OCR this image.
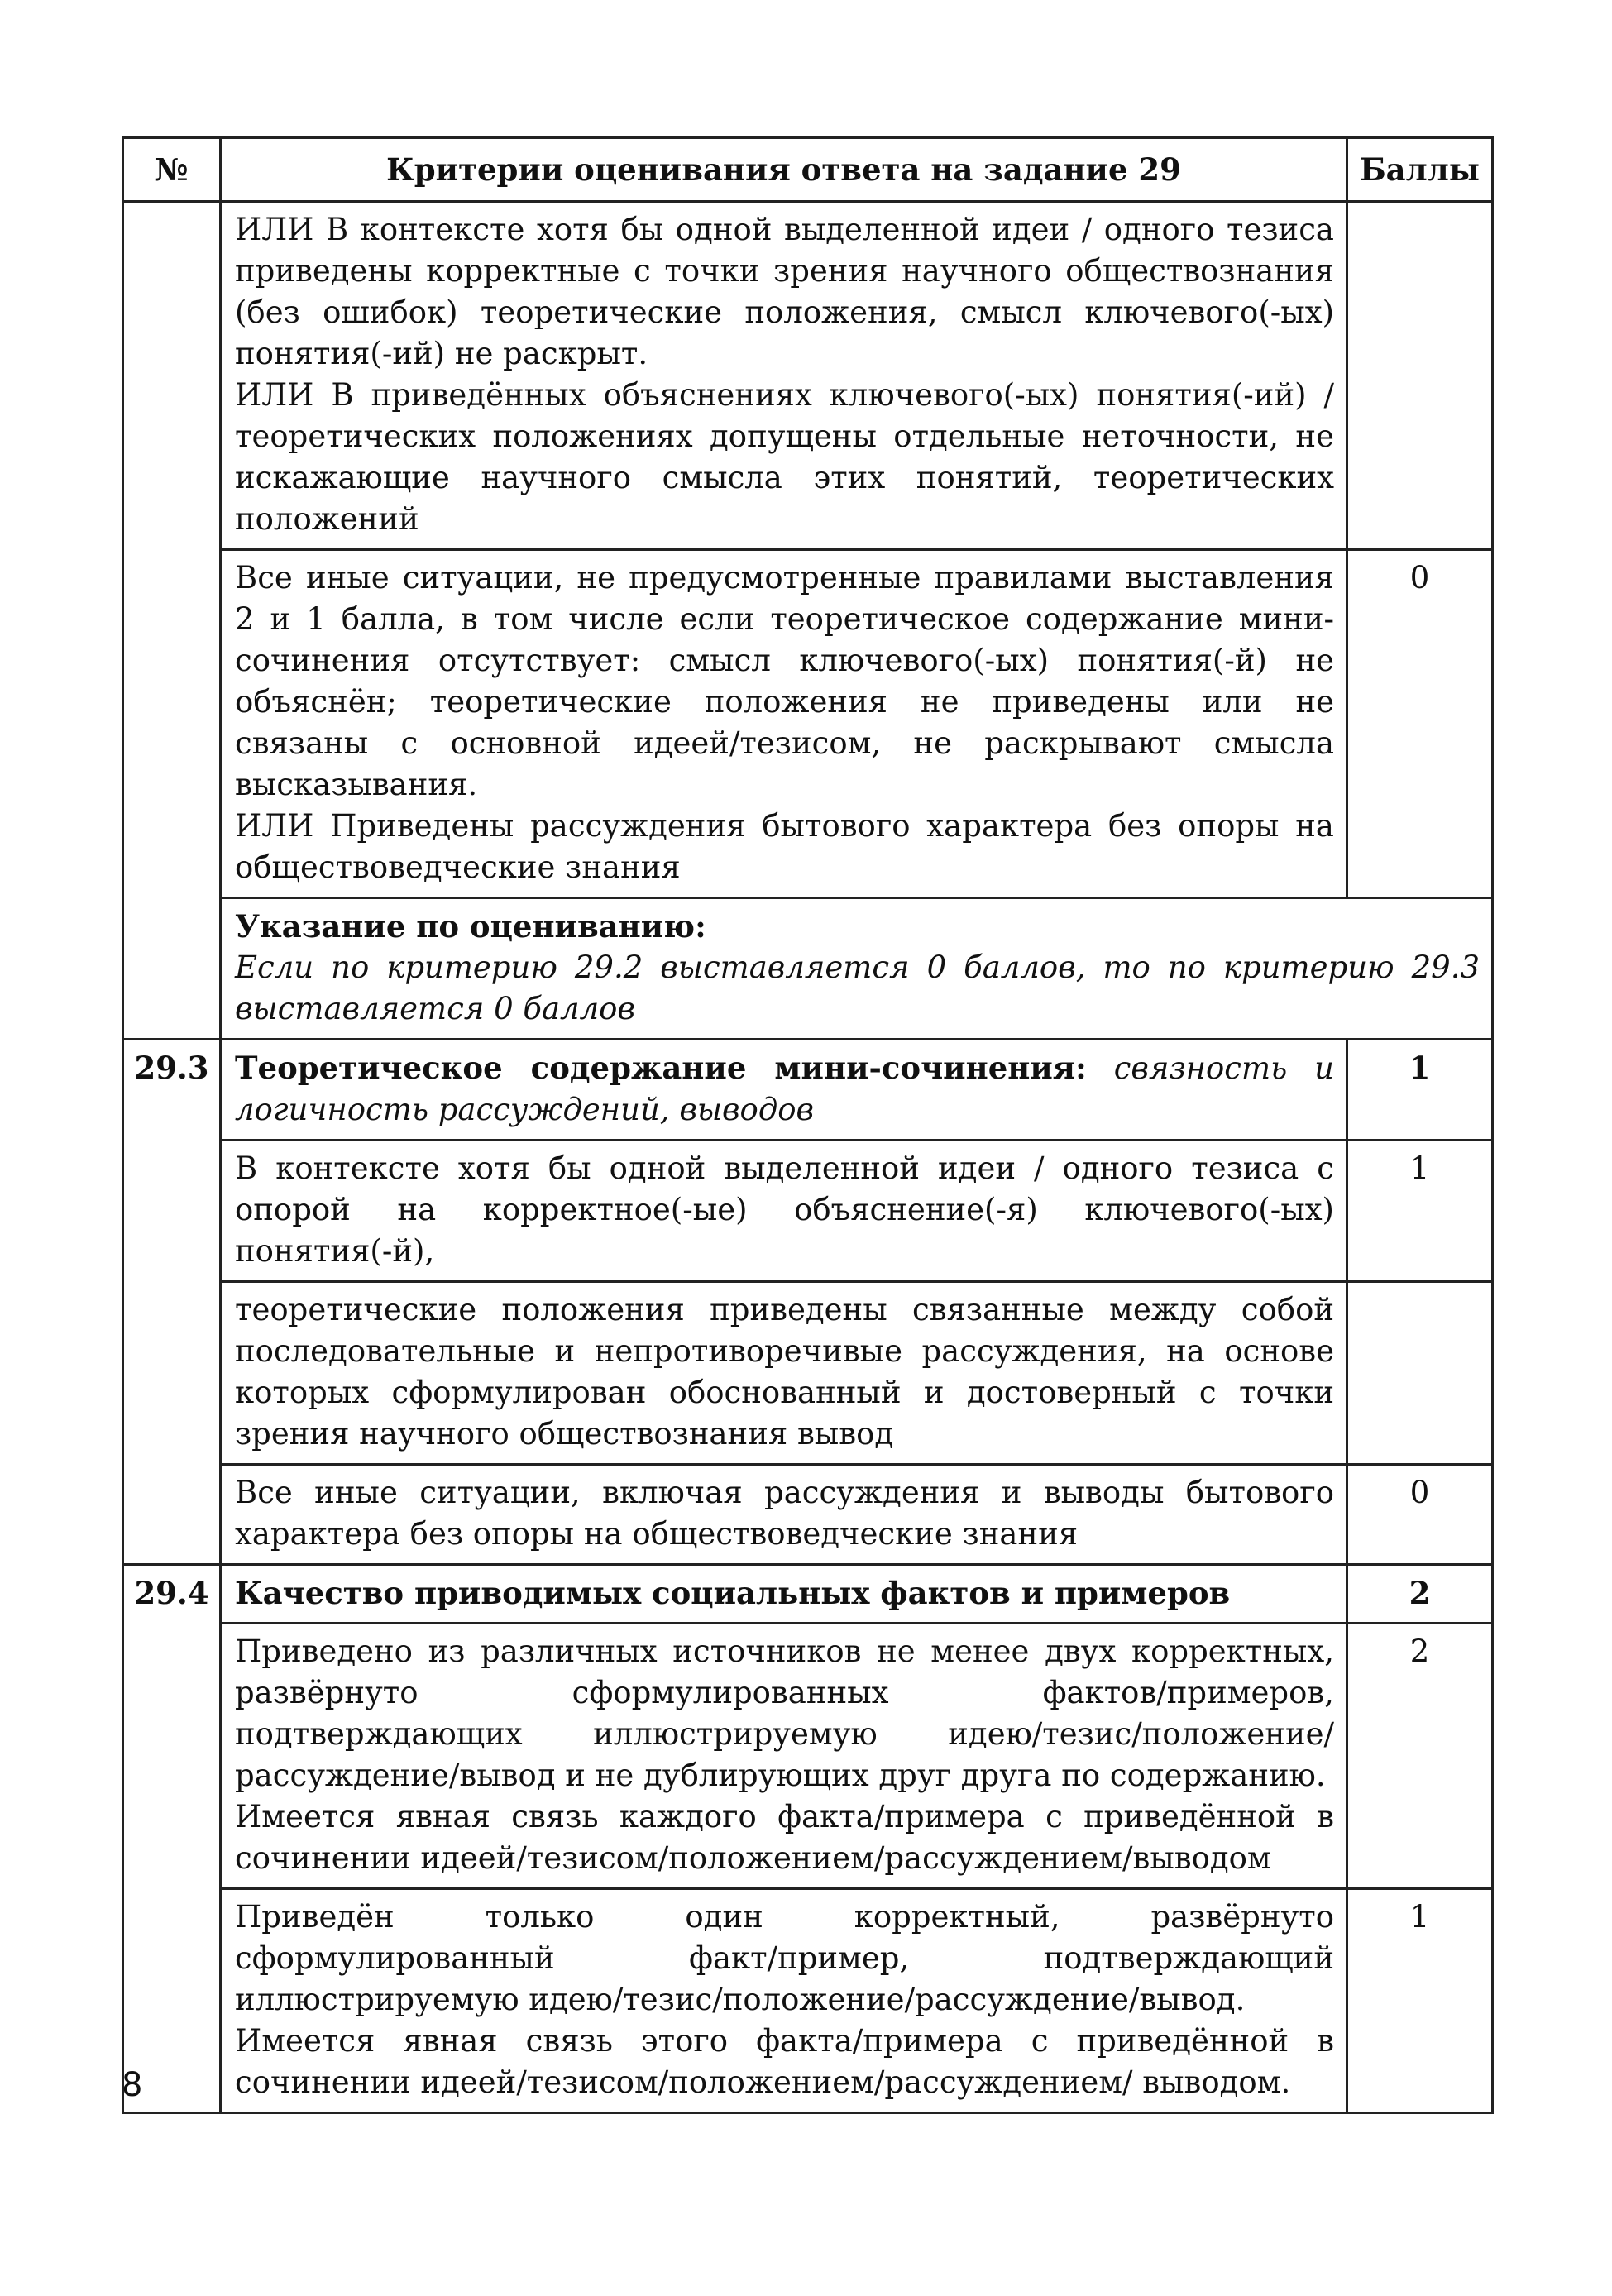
№	Критерии оценивания ответа на задание 29	Баллы

	ИЛИ В контексте хотя бы одной выделенной идеи / одного тезиса приведены корректные с точки зрения научного обществознания (без ошибок) теоретические положения, смысл ключевого(-ых) понятия(-ий) не раскрыт.
ИЛИ В приведённых объяснениях ключевого(-ых) понятия(-ий) / теоретических положениях допущены отдельные неточности, не искажающие научного смысла этих понятий, теоретических положений	

	Все иные ситуации, не предусмотренные правилами выставления 2 и 1 балла, в том числе если теоретическое содержание мини-сочинения отсутствует: смысл ключевого(-ых) понятия(-й) не объяснён; теоретические положения не приведены или не связаны с основной идеей/тезисом, не раскрывают смысла высказывания.
ИЛИ Приведены рассуждения бытового характера без опоры на обществоведческие знания	0

	Указание по оцениванию:
Если по критерию 29.2 выставляется 0 баллов, то по критерию 29.3 выставляется 0 баллов	

29.3	Теоретическое содержание мини-сочинения: связность и логичность рассуждений, выводов	1
	В контексте хотя бы одной выделенной идеи / одного тезиса с опорой на корректное(-ые) объяснение(-я) ключевого(-ых) понятия(-й),	1
	теоретические положения приведены связанные между собой последовательные и непротиворечивые рассуждения, на основе которых сформулирован обоснованный и достоверный с точки зрения научного обществознания вывод	
	Все иные ситуации, включая рассуждения и выводы бытового характера без опоры на обществоведческие знания	0
29.4	Качество приводимых социальных фактов и примеров	2

	Приведено из различных источников не менее двух корректных, развёрнуто сформулированных фактов/примеров, подтверждающих иллюстрируемую идею/тезис/положение/рассуждение/вывод и не дублирующих друг друга по содержанию.
Имеется явная связь каждого факта/примера с приведённой в сочинении идеей/тезисом/положением/рассуждением/выводом	2

	Приведён только один корректный, развёрнуто сформулированный факт/пример, подтверждающий иллюстрируемую идею/тезис/положение/рассуждение/вывод.
Имеется явная связь этого факта/примера с приведённой в сочинении идеей/тезисом/положением/рассуждением/ выводом.	1
8
